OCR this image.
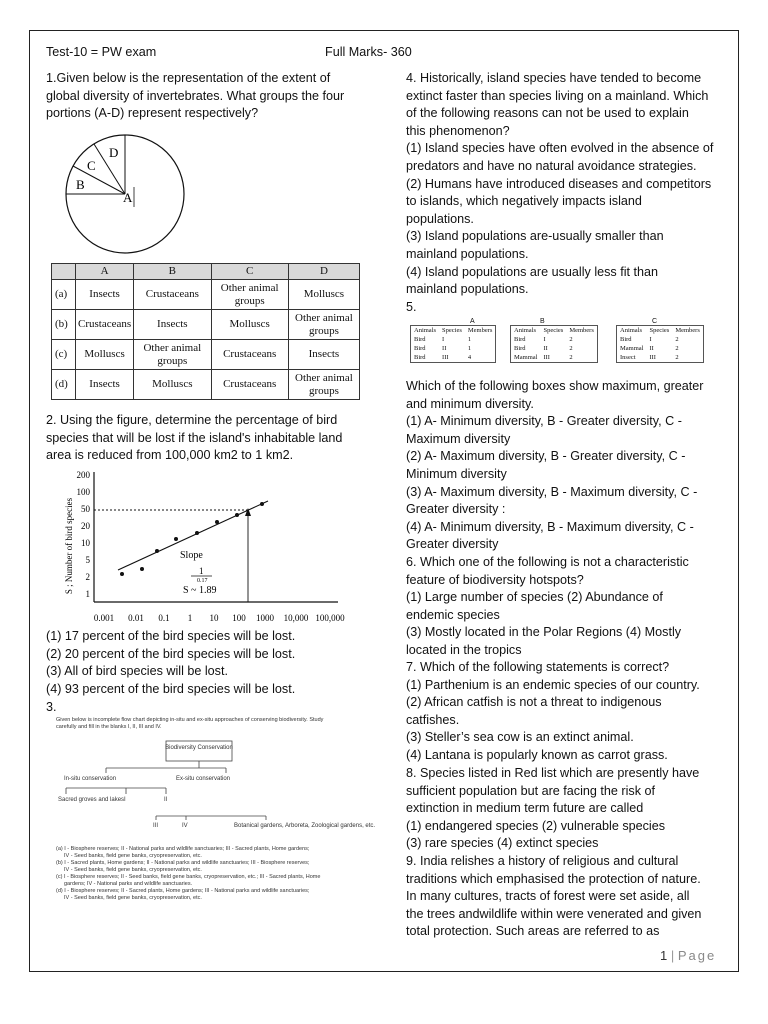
Test-10 = PW exam	Full Marks- 360
1.Given below is the representation of the extent of
global diversity of invertebrates. What groups the four
portions (A-D) represent respectively?
B
C
D
A
	A	B	C	D
(a)	Insects	Crustaceans	Other animal groups	Molluscs
(b)	Crustaceans	Insects	Molluscs	Other animal groups
(c)	Molluscs	Other animal groups	Crustaceans	Insects
(d)	Insects	Molluscs	Crustaceans	Other animal groups
2. Using the figure, determine the percentage of bird
species that will be lost if the island's inhabitable land
area is reduced from 100,000 km2 to 1 km2.
S ; Number of bird species
200
100
50
20
10
5
2
1
0.001 0.01 0.1 1 10 100 1000 10,000 100,000
Slope
1
0.17
S ~ 1.89
(1) 17 percent of the bird species will be lost.
(2) 20 percent of the bird species will be lost.
(3) All of bird species will be lost.
(4) 93 percent of the bird species will be lost.
3.
Given below is incomplete flow chart depicting in-situ and ex-situ approaches of conserving biodiversity. Study
carefully and fill in the blanks I, II, III and IV.
Biodiversity Conservation
In-situ conservation	Ex-situ conservation
Sacred groves and lakes I	II
III	IV	Botanical gardens, Arboreta, Zoological gardens, etc.
(a) I - Biosphere reserves; II - National parks and wildlife sanctuaries; III - Sacred plants, Home gardens;
IV - Seed banks, field gene banks, cryopreservation, etc.
(b) I - Sacred plants, Home gardens; II - National parks and wildlife sanctuaries; III - Biosphere reserves;
IV - Seed banks, field gene banks, cryopreservation, etc.
(c) I - Biosphere reserves; II - Seed banks, field gene banks, cryopreservation, etc.; III - Sacred plants, Home
gardens; IV - National parks and wildlife sanctuaries.
(d) I - Biosphere reserves; II - Sacred plants, Home gardens; III - National parks and wildlife sanctuaries;
IV - Seed banks, field gene banks, cryopreservation, etc.
4. Historically, island species have tended to become
extinct faster than species living on a mainland. Which
of the following reasons can not be used to explain
this phenomenon?
(1) Island species have often evolved in the absence of
predators and have no natural avoidance strategies.
(2) Humans have introduced diseases and competitors
to islands, which negatively impacts island
populations.
(3) Island populations are-usually smaller than
mainland populations.
(4) Island populations are usually less fit than
mainland populations.
5.
A
Animals	Species	Members
Bird	I	1
Bird	II	1
Bird	III	4
B
Animals	Species	Members
Bird	I	2
Bird	II	2
Mammal	III	2
C
Animals	Species	Members
Bird	I	2
Mammal	II	2
Insect	III	2
Which of the following boxes show maximum, greater
and minimum diversity.
(1) A- Minimum diversity, B - Greater diversity, C -
Maximum diversity
(2) A- Maximum diversity, B - Greater diversity, C -
Minimum diversity
(3) A- Maximum diversity, B - Maximum diversity, C -
Greater diversity :
(4) A- Minimum diversity, B - Maximum diversity, C -
Greater diversity
6. Which one of the following is not a characteristic
feature of biodiversity hotspots?
(1) Large number of species (2) Abundance of
endemic species
(3) Mostly located in the Polar Regions (4) Mostly
located in the tropics
7. Which of the following statements is correct?
(1) Parthenium is an endemic species of our country.
(2) African catfish is not a threat to indigenous
catfishes.
(3) Steller’s sea cow is an extinct animal.
(4) Lantana is popularly known as carrot grass.
8. Species listed in Red list which are presently have
sufficient population but are facing the risk of
extinction in medium term future are called
(1) endangered species (2) vulnerable species
(3) rare species (4) extinct species
9. India relishes a history of religious and cultural
traditions which emphasised the protection of nature.
In many cultures, tracts of forest were set aside, all
the trees andwildlife within were venerated and given
total protection. Such areas are referred to as
1 | Page
